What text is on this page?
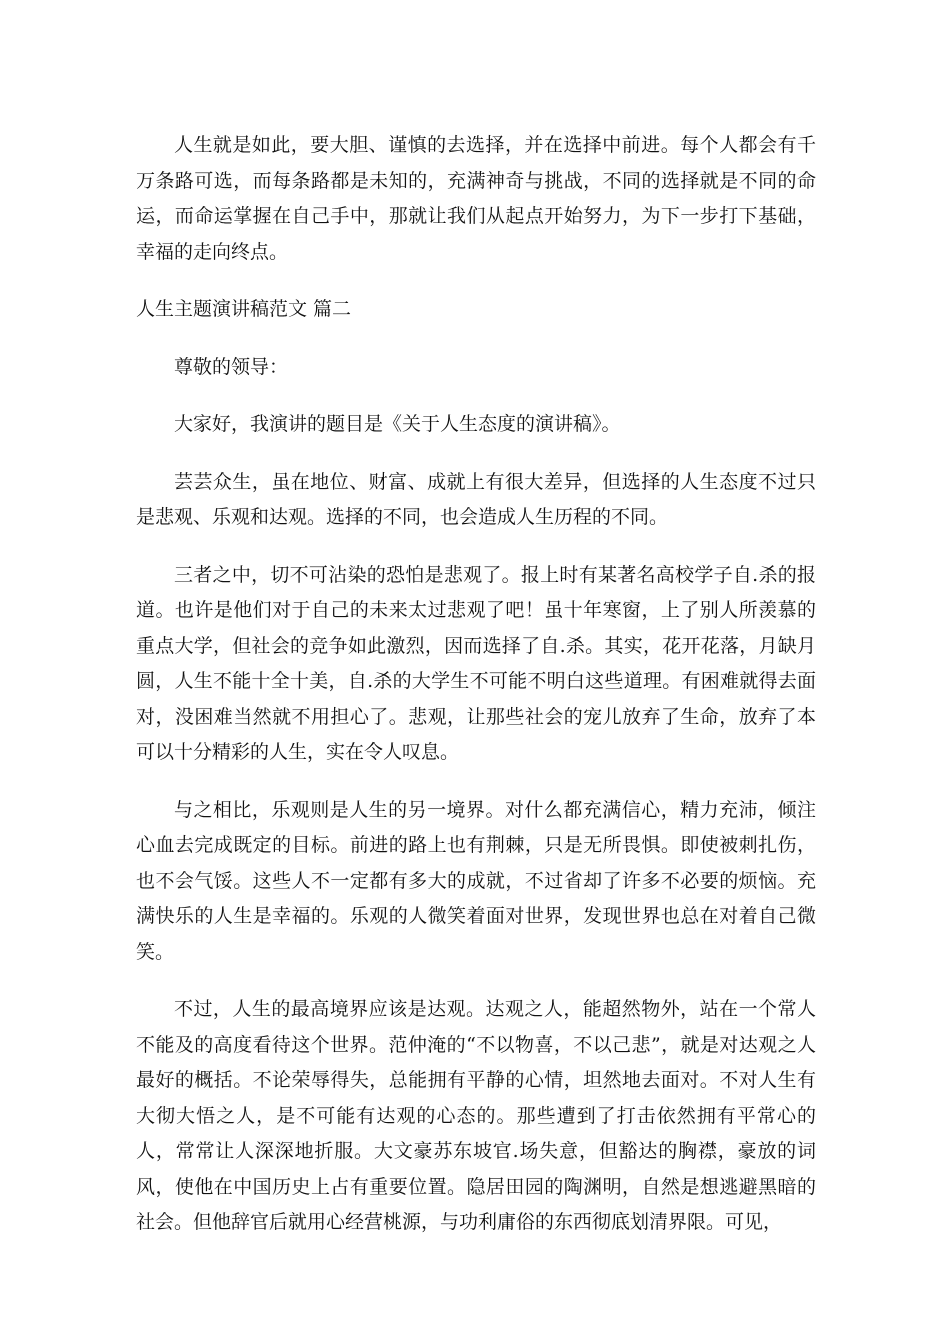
人生就是如此，要大胆、谨慎的去选择，并在选择中前进。每个人都会有千万条路可选，而每条路都是未知的，充满神奇与挑战，不同的选择就是不同的命运，而命运掌握在自己手中，那就让我们从起点开始努力，为下一步打下基础，幸福的走向终点。

人生主题演讲稿范文 篇二

尊敬的领导：

大家好，我演讲的题目是《关于人生态度的演讲稿》。

芸芸众生，虽在地位、财富、成就上有很大差异，但选择的人生态度不过只是悲观、乐观和达观。选择的不同，也会造成人生历程的不同。

三者之中，切不可沾染的恐怕是悲观了。报上时有某著名高校学子自.杀的报道。也许是他们对于自己的未来太过悲观了吧！虽十年寒窗，上了别人所羡慕的重点大学，但社会的竞争如此激烈，因而选择了自.杀。其实，花开花落，月缺月圆，人生不能十全十美，自.杀的大学生不可能不明白这些道理。有困难就得去面对，没困难当然就不用担心了。悲观，让那些社会的宠儿放弃了生命，放弃了本可以十分精彩的人生，实在令人叹息。

与之相比，乐观则是人生的另一境界。对什么都充满信心，精力充沛，倾注心血去完成既定的目标。前进的路上也有荆棘，只是无所畏惧。即使被刺扎伤，也不会气馁。这些人不一定都有多大的成就，不过省却了许多不必要的烦恼。充满快乐的人生是幸福的。乐观的人微笑着面对世界，发现世界也总在对着自己微笑。

不过，人生的最高境界应该是达观。达观之人，能超然物外，站在一个常人不能及的高度看待这个世界。范仲淹的“不以物喜，不以己悲”，就是对达观之人最好的概括。不论荣辱得失，总能拥有平静的心情，坦然地去面对。不对人生有大彻大悟之人，是不可能有达观的心态的。那些遭到了打击依然拥有平常心的人，常常让人深深地折服。大文豪苏东坡官.场失意，但豁达的胸襟，豪放的词风，使他在中国历史上占有重要位置。隐居田园的陶渊明，自然是想逃避黑暗的社会。但他辞官后就用心经营桃源，与功利庸俗的东西彻底划清界限。可见，
